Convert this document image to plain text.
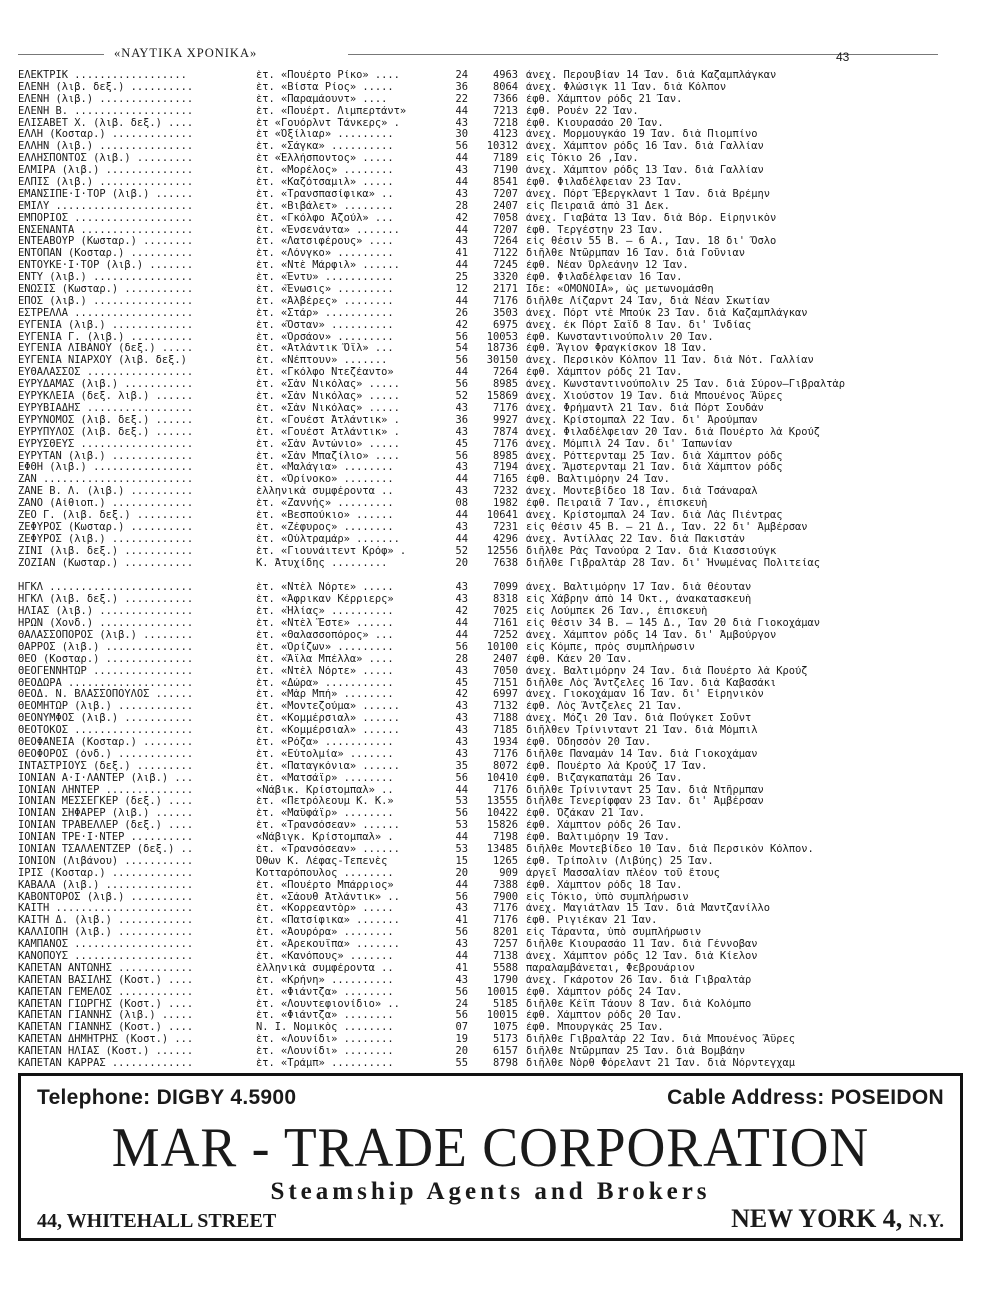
«ΝΑΥΤΙΚΑ ΧΡΟΝΙΚΑ»	43
ΕΛΕΚΤΡΙΚ ..................	ἑτ. «Πουέρτο Ρίκο» ....	24	4963 ἀνεχ. Περουβίαν 14 Ἰαν. διὰ Καζαμπλάγκαν
ΕΛΕΝΗ (λιβ. δεξ.) ..........	ἑτ. «Βίστα Ρίος» .....	36	8064 ἀνεχ. Φλώσιγκ 11 Ἰαν. διὰ Κόλπον
ΕΛΕΝΗ (λιβ.) ...............	ἑτ. «Παραμάουντ» ....	22	7366 ἐφθ. Χάμπτον ρόδς 21 Ἰαν.
ΕΛΕΝΗ Β. ...................	ἑτ. «Πουέρτ. Λιμπερτάντ»	44	7213 ἐφθ. Ρουέν 22 Ἰαν.
ΕΛΙΣΑΒΕΤ Χ. (λιβ. δεξ.) ....	ἑτ «Γουόρλντ Τάνκερς» .	43	7218 ἐφθ. Κιουρασάο 20 Ἰαν.
ΕΛΛΗ (Κοσταρ.) .............	ἑτ «Ὀξίλιαρ» .........	30	4123 ἀνεχ. Μορμουγκάο 19 Ἰαν. διὰ Πιομπίνο
ΕΛΛΗΝ (λιβ.) ...............	ἑτ. «Σάγκα» ..........	56	10312 ἀνεχ. Χάμπτον ρόδς 16 Ἰαν. διὰ Γαλλίαν
ΕΛΛΗΣΠΟΝΤΟΣ (λιβ.) .........	ἑτ «Ἑλλήσποντος» .....	44	7189 εἰς Τόκιο 26 ,Ιαν.
ΕΛΜΙΡΑ (λιβ.) ..............	ἑτ. «Μορέλος» ........	43	7190 ἀνεχ. Χάμπτον ρόδς 13 Ἰαν. διὰ Γαλλίαν
ΕΛΠΙΣ (λιβ.) ...............	ἑτ. «Καζότσαμιλ» .....	44	8541 ἐφθ. Φιλαδέλφειαν 23 Ἰαν.
ΕΜΑΝΣΙΠΕ·Ι·ΤΟΡ (λιβ.) ......	ἑτ. «Τρανσπασίφικα» ..	43	7207 ἀνεχ. Πόρτ Ἔβεργκλαντ 1 Ἰαν. διὰ Βρέμην
ΕΜΙΛΥ ......................	ἑτ. «Βιβάλετ» ........	28	2407 εἰς Πειραιᾶ ἀπὸ 31 Δεκ.
ΕΜΠΟΡΙΟΣ ...................	ἑτ. «Γκόλφο Ἀζούλ» ...	42	7058 ἀνεχ. Γιαβάτα 13 Ἰαν. διὰ Βόρ. Εἰρηνικὸν
ΕΝΣΕΝΑΝΤΑ ..................	ἑτ. «Ἐνσενάντα» .......	44	7207 ἐφθ. Τεργέστην 23 Ἰαν.
ΕΝΤΕΑΒΟΥΡ (Κωσταρ.) ........	ἑτ. «Λατσιφέρους» ....	43	7264 εἰς θέσιν 55 Β. — 6 Α., Ἰαν. 18 δι' Ὄσλο
ΕΝΤΟΠΑΝ (Κοσταρ.) ..........	ἑτ. «Λόνγκο» .........	41	7122 διῆλθε Ντῶρμπαν 16 Ἰαν. διὰ Γοῦνιαν
ΕΝΤΟΥΚΕ·Ι·ΤΟΡ (λιβ.) .......	ἑτ. «Ντὲ Μάρφιλ» ......	44	7245 ἐφθ. Νέαν Ὀρλεάνην 12 Ἰαν.
ΕΝΤΥ (λιβ.) ................	ἑτ. «Έντυ» ...........	25	3320 ἐφθ. Φιλαδέλφειαν 16 Ἰαν.
ΕΝΩΣΙΣ (Κωσταρ.) ...........	ἑτ. «Ἕνωσις» .........	12	2171 Ἴδε: «ΟΜΟΝΟΙΑ», ὡς μετωνομάσθη
ΕΠΟΣ (λιβ.) ................	ἑτ. «Ἀλβέρες» ........	44	7176 διῆλθε Λίζαρντ 24 Ἰαν, διὰ Νέαν Σκωτίαν
ΕΣΤΡΕΛΛΑ ...................	ἑτ. «Στάρ» ...........	26	3503 ἀνεχ. Πόρτ ντὲ Μπούκ 23 Ἰαν. διὰ Καζαμπλάγκαν
ΕΥΓΕΝΙΑ (λιβ.) .............	ἑτ. «Ὄσταν» ..........	42	6975 ἀνεχ. ἐκ Πόρτ Σαΐδ 8 Ἰαν. δι' Ἰνδίας
ΕΥΓΕΝΙΑ Γ. (λιβ.) ..........	ἑτ. «Ὀρσάον» .........	56	10053 ἐφθ. Κωνσταντινούπολιν 20 Ἰαν.
ΕΥΓΕΝΙΑ ΛΙΒΑΝΟΥ (δεξ.) .....	ἑτ. «Ἀτλάντικ Ὄϊλ» ...	54	18736 ἐφθ. Ἅγιον Φραγκίσκον 18 Ἰαν.
ΕΥΓΕΝΙΑ ΝΙΑΡΧΟΥ (λιβ. δεξ.)	ἑτ. «Νέπτουν» .......	56	30150 ἀνεχ. Περσικὸν Κόλπον 11 Ἰαν. διὰ Νότ. Γαλλίαν
ΕΥΘΑΛΑΣΣΟΣ .................	ἑτ. «Γκόλφο Ντεζέαντο»	44	7264 ἐφθ. Χάμπτον ρόδς 21 Ἰαν.
ΕΥΡΥΔΑΜΑΣ (λιβ.) ...........	ἑτ. «Σὰν Νικόλας» .....	56	8985 ἀνεχ. Κωνσταντινούπολιν 25 Ἰαν. διὰ Σύρον—Γιβραλτὰρ
ΕΥΡΥΚΛΕΙΑ (δεξ. λιβ.) ......	ἑτ. «Σὰν Νικόλας» .....	52	15869 ἀνεχ. Χιούστον 19 Ἰαν. διὰ Μπουένος Ἄϋρες
ΕΥΡΥΒΙΑΔΗΣ .................	ἑτ. «Σὰν Νικόλας» .....	43	7176 ἀνεχ. Φρήμαντλ 21 Ἰαν. διὰ Πόρτ Σουδὰν
ΕΥΡΥΝΟΜΟΣ (λιβ. δεξ.) ......	ἑτ. «Γουέστ Ἀτλάντικ» .	36	9927 ἀνεχ. Κρίστομπαλ 22 Ἰαν. δι' Ἀρούμπαν
ΕΥΡΥΠΥΛΟΣ (λιβ. δεξ.) ......	ἑτ. «Γουέστ Ἀτλάντικ» .	43	7874 ἀνεχ. Φιλαδέλφειαν 20 Ἰαν. διὰ Πουέρτο λὰ Κρούζ
ΕΥΡΥΣΘΕΥΣ ..................	ἑτ. «Σὰν Ἀντώνιο» .....	45	7176 ἀνεχ. Μόμπιλ 24 Ἰαν. δι' Ἰαπωνίαν
ΕΥΡΥΤΑΝ (λιβ.) .............	ἑτ. «Σὰν Μπαζίλιο» ....	56	8985 ἀνεχ. Ρόττερνταμ 25 Ἰαν. διὰ Χάμπτον ρόδς
ΕΦΘΗ (λιβ.) ................	ἑτ. «Μαλάγια» ........	43	7194 ἀνεχ. Ἄμστερνταμ 21 Ἰαν. διὰ Χάμπτον ρόδς
ΖΑΝ ........................	ἑτ. «Ὀρίνοκο» ........	44	7165 ἐφθ. Βαλτιμόρην 24 Ἰαν.
ΖΑΝΕ Β. Λ. (λιβ.) ..........	ἑλληνικὰ συμφέροντα ..	43	7232 ἀνεχ. Μοντεβίδεο 18 Ἰαν. διὰ Τσάναραλ
ΖΑΝΟ (Αἰθιοπ.) .............	ἑτ. «Ζαννής» .........	08	1982 ἐφθ. Πειραιᾶ 7 Ἰαν., ἐπισκευὴ
ΖΕΟ Γ. (λιβ. δεξ.) .........	ἑτ. «Βεσπούκιο» ......	44	10641 ἀνεχ. Κρίστομπαλ 24 Ἰαν. διὰ Λὰς Πιέντρας
ΖΕΦΥΡΟΣ (Κωσταρ.) ..........	ἑτ. «Ζέφυρος» ........	43	7231 εἰς θέσιν 45 Β. — 21 Δ., Ἰαν. 22 δι' Ἀμβέρσαν
ΖΕΦΥΡΟΣ (λιβ.) .............	ἑτ. «Οὐλτραμάρ» .......	44	4296 ἀνεχ. Ἀντίλλας 22 Ἰαν. διὰ Πακιστὰν
ΖΙΝΙ (λιβ. δεξ.) ...........	ἑτ. «Γιουνάιτεντ Κρόφ» .	52	12556 διῆλθε Ρὰς Τανούρα 2 Ἰαν. διὰ Κιασσιούγκ
ΖΟΖΙΑΝ (Κωσταρ.) ...........	Κ. Ἀτυχίδης .........	20	7638 διῆλθε Γιβραλτὰρ 28 Ἰαν. δι' Ἡνωμένας Πολιτείας
ΗΓΚΛ .......................	ἑτ. «Ντὲλ Νόρτε» .....	43	7099 ἀνεχ. Βαλτιμόρην 17 Ἰαν. διὰ Θέουταν
ΗΓΚΛ (λιβ. δεξ.) ...........	ἑτ. «Ἀφρικαν Κέρριερς»	43	8318 εἰς Χάβρην ἀπὸ 14 Ὀκτ., ἀνακατασκευὴ
ΗΛΙΑΣ (λιβ.) ...............	ἑτ. «Ἡλίας» ..........	42	7025 εἰς Λούμπεκ 26 Ἰαν., ἐπισκευὴ
ΗΡΩΝ (Χονδ.) ...............	ἑτ. «Ντὲλ Ἔστε» ......	44	7161 εἰς θέσιν 34 Β. — 145 Δ., Ἰαν 20 διὰ Γιοκοχάμαν
ΘΑΛΑΣΣΟΠΟΡΟΣ (λιβ.) ........	ἑτ. «Θαλασσοπόρος» ...	44	7252 ἀνεχ. Χάμπτον ρόδς 14 Ἰαν. δι' Ἀμβούργον
ΘΑΡΡΟΣ (λιβ.) ..............	ἑτ. «Ὀρίζων» .........	56	10100 εἰς Κόμπε, πρὸς συμπλήρωσιν
ΘΕΟ (Κοσταρ.) ..............	ἑτ. «Ἄϊλα Μπέλλα» ....	28	2407 ἐφθ. Κάεν 20 Ἰαν.
ΘΕΟΓΕΝΝΗΤΩΡ ................	ἑτ. «Ντὲλ Νόρτε» .....	43	7050 ἀνεχ. Βαλτιμόρην 24 Ἰαν. διὰ Πουέρτο λὰ Κρούζ
ΘΕΟΔΩΡΑ ....................	ἑτ. «Δώρα» ...........	45	7151 διῆλθε Λὸς Ἄντζελες 16 Ἰαν. διὰ Καβασάκι
ΘΕΟΔ. Ν. ΒΛΑΣΣΟΠΟΥΛΟΣ ......	ἑτ. «Μὰρ Μπή» ........	42	6997 ἀνεχ. Γιοκοχάμαν 16 Ἰαν. δι' Εἰρηνικὸν
ΘΕΟΜΗΤΩΡ (λιβ.) ............	ἑτ. «Μοντεζούμα» ......	43	7132 ἐφθ. Λὸς Ἄντζελες 21 Ἰαν.
ΘΕΟΝΥΜΦΟΣ (λιβ.) ...........	ἑτ. «Κομμέρσιαλ» ......	43	7188 ἀνεχ. Μόζι 20 Ἰαν. διὰ Πούγκετ Σοῦντ
ΘΕΟΤΟΚΟΣ ...................	ἑτ. «Κομμέρσιαλ» ......	43	7185 διῆλθεν Τρίνινταντ 21 Ἰαν. διὰ Μόμπιλ
ΘΕΟΦΑΝΕΙΑ (Κοσταρ.) ........	ἑτ. «Ρόζα» ...........	43	1934 ἐφθ. Ὀδησσὸν 20 Ἰαν.
ΘΕΟΦΟΡΟΣ (ὀνδ.) ............	ἑτ. «Εὐτολμία» .......	43	7176 διῆλθε Παναμὰν 14 Ἰαν. διὰ Γιοκοχάμαν
ΙΝΤΑΣΤΡΙΟΥΣ (δεξ.) .........	ἑτ. «Παταγκόνια» ......	35	8072 ἐφθ. Πουέρτο λὰ Κρούζ 17 Ἰαν.
ΙΟΝΙΑΝ Α·Ι·ΛΑΝΤΕΡ (λιβ.) ...	ἑτ. «Ματσάϊρ» ........	56	10410 ἐφθ. Βιζαγκαπατὰμ 26 Ἰαν.
ΙΟΝΙΑΝ ΛΗΝΤΕΡ ..............	«Νάβικ. Κρίστομπαλ» ..	44	7176 διῆλθε Τρίνινταντ 25 Ἰαν. διὰ Ντῆρμπαν
ΙΟΝΙΑΝ ΜΕΣΣΕΓΚΕΡ (δεξ.) ....	ἑτ. «Πετρόλεουμ Κ. Κ.»	53	13555 διῆλθε Τενερίφφαν 23 Ἰαν. δι' Ἀμβέρσαν
ΙΟΝΙΑΝ ΣΗΦΑΡΕΡ (λιβ.) ......	ἑτ. «Μαϋφάϊρ» ........	56	10422 ἐφθ. Ὀζάκαν 21 Ἰαν.
ΙΟΝΙΑΝ ΤΡΑΒΕΛΛΕΡ (δεξ.) ....	ἑτ. «Τρανσόσεαν» ......	53	15826 ἐφθ. Χάμπτον ρόδς 26 Ἰαν.
ΙΟΝΙΑΝ ΤΡΕ·Ι·ΝΤΕΡ ..........	«Νάβιγκ. Κρίστομπαλ» .	44	7198 ἐφθ. Βαλτιμόρην 19 Ἰαν.
ΙΟΝΙΑΝ ΤΣΑΛΛΕΝΤΖΕΡ (δεξ.) ..	ἑτ. «Τρανσόσεαν» ......	53	13485 διῆλθε Μοντεβίδεο 10 Ἰαν. διὰ Περσικὸν Κόλπον.
ΙΟΝΙΟΝ (Λιβάνου) ...........	Ὄθων Κ. Λέφας-Τεπενὲς	15	1265 ἐφθ. Τρίπολιν (Λιβύης) 25 Ἰαν.
ΙΡΙΣ (Κοσταρ.) .............	Κοτταρόπουλος ........	20	909 ἀργεῖ Μασσαλίαν πλέον τοῦ ἔτους
ΚΑΒΑΛΑ (λιβ.) ..............	ἑτ. «Πουέρτο Μπάρριος»	44	7388 ἐφθ. Χάμπτον ρόδς 18 Ἰαν.
ΚΑΒΟΝΤΟΡΟΣ (λιβ.) ..........	ἑτ. «Σάουθ Ἀτλάντικ» ..	56	7900 εἰς Τόκιο, ὑπὸ συμπλήρωσιν
ΚΑΙΤΗ ......................	ἑτ. «Κορρεαντὸρ» .....	43	7176 ἀνεχ. Μαγιάτλαν 15 Ἰαν. διὰ Μαντζανίλλο
ΚΑΙΤΗ Δ. (λιβ.) ............	ἑτ. «Πατσίφικα» .......	41	7176 ἐφθ. Ριγιέκαν 21 Ἰαν.
ΚΑΛΛΙΟΠΗ (λιβ.) ............	ἑτ. «Ἀουρόρα» ........	56	8201 εἰς Τάραντα, ὑπὸ συμπλήρωσιν
ΚΑΜΠΑΝΟΣ ...................	ἑτ. «Ἀρεκουΐπα» .......	43	7257 διῆλθε Κιουρασάο 11 Ἰαν. διὰ Γέννοβαν
ΚΑΝΟΠΟΥΣ ...................	ἑτ. «Κανόπους» .......	44	7138 ἀνεχ. Χάμπτον ρόδς 12 Ἰαν. διὰ Κίελον
ΚΑΠΕΤΑΝ ΑΝΤΩΝΗΣ ............	ἑλληνικὰ συμφέροντα ..	41	5588 παραλαμβάνεται, Φεβρουάριον
ΚΑΠΕΤΑΝ ΒΑΣΙΛΗΣ (Κοστ.) ....	ἑτ. «Κρήνη» ..........	43	1790 ἀνεχ. Γκάροτον 26 Ἰαν. διὰ Γιβραλτὰρ
ΚΑΠΕΤΑΝ ΓΕΜΕΛΟΣ ............	ἑτ. «Φιάντζα» ........	56	10015 ἐφθ. Χάμπτον ρόδς 24 Ἰαν.
ΚΑΠΕΤΑΝ ΓΙΩΡΓΗΣ (Κοστ.) ....	ἑτ. «Λουντεφιονίδιο» ..	24	5185 διῆλθε Κέϊπ Τάουν 8 Ἰαν. διὰ Κολόμπο
ΚΑΠΕΤΑΝ ΓΙΑΝΝΗΣ (λιβ.) .....	ἑτ. «Φιάντζα» ........	56	10015 ἐφθ. Χάμπτον ρόδς 20 Ἰαν.
ΚΑΠΕΤΑΝ ΓΙΑΝΝΗΣ (Κοστ.) ....	Ν. Ι. Νομικὸς ........	07	1075 ἐφθ. Μπουργκὰς 25 Ἰαν.
ΚΑΠΕΤΑΝ ΔΗΜΗΤΡΗΣ (Κοστ.) ...	ἑτ. «Λουνίδι» ........	19	5173 διῆλθε Γιβραλτὰρ 22 Ἰαν. διὰ Μπουένος Ἄϋρες
ΚΑΠΕΤΑΝ ΗΛΙΑΣ (Κοστ.) ......	ἑτ. «Λουνίδι» ........	20	6157 διῆλθε Ντῶρμπαν 25 Ἰαν. διὰ Βομβάην
ΚΑΠΕΤΑΝ ΚΑΡΡΑΣ .............	ἑτ. «Τράμπ» ..........	55	8798 διῆλθε Νὸρθ Φόρελαντ 21 Ἰαν. διὰ Νόρντεγχαμ
Telephone: DIGBY 4.5900	Cable Address: POSEIDON
MAR - TRADE CORPORATION
Steamship Agents and Brokers
44, WHITEHALL STREET	NEW YORK 4, N.Y.
